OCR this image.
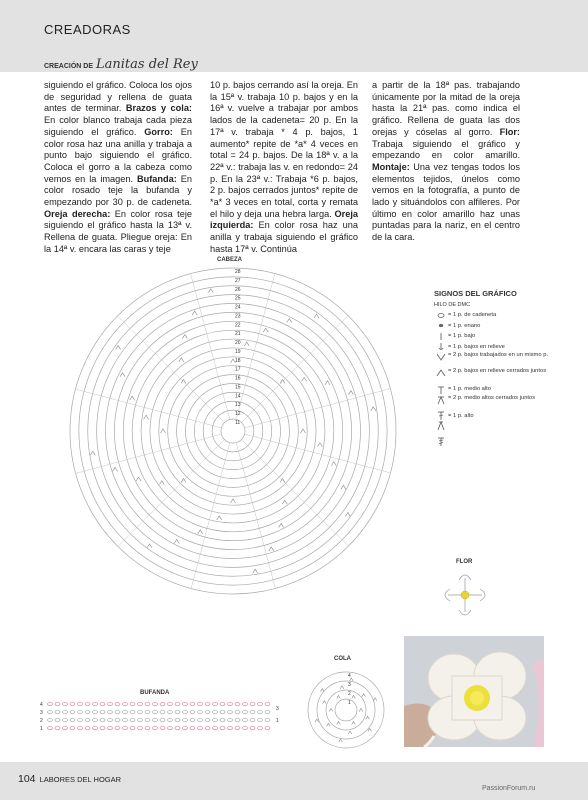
CREADORAS
CREACIÓN DE Lanitas del Rey
siguiendo el gráfico. Coloca los ojos de seguridad y rellena de guata antes de terminar. Brazos y cola: En color blanco trabaja cada pieza siguiendo el gráfico. Gorro: En color rosa haz una anilla y trabaja a punto bajo siguiendo el gráfico. Coloca el gorro a la cabeza como vemos en la imagen. Bufanda: En color rosado teje la bufanda y empezando por 30 p. de cadeneta. Oreja derecha: En color rosa teje siguiendo el gráfico hasta la 13ª v. Rellena de guata. Pliegue oreja: En la 14ª v. encara las caras y teje
10 p. bajos cerrando así la oreja. En la 15ª v. trabaja 10 p. bajos y en la 16ª v. vuelve a trabajar por ambos lados de la cadeneta= 20 p. En la 17ª v. trabaja * 4 p. bajos, 1 aumento* repite de *a* 4 veces en total = 24 p. bajos. De la 18ª v. a la 22ª v.: trabaja las v. en redondo= 24 p. En la 23ª v.: Trabaja *6 p. bajos, 2 p. bajos cerrados juntos* repite de *a* 3 veces en total, corta y remata el hilo y deja una hebra larga. Oreja izquierda: En color rosa haz una anilla y trabaja siguiendo el gráfico hasta 17ª v. Continúa
a partir de la 18ª pas. trabajando únicamente por la mitad de la oreja hasta la 21ª pas. como indica el gráfico. Rellena de guata las dos orejas y cóselas al gorro. Flor: Trabaja siguiendo el gráfico y empezando en color amarillo. Montaje: Una vez tengas todos los elementos tejidos, únelos como vemos en la fotografía, a punto de lado y situándolos con alfileres. Por último en color amarillo haz unas puntadas para la nariz, en el centro de la cara.
CABEZA
28
27
26
25
24
23
22
21
20
19
18
17
16
15
14
13
12
11
SIGNOS DEL GRÁFICO
HILO DE DMC
= 1 p. de cadeneta
= 1 p. enano
= 1 p. bajo
= 1 p. bajos en relieve
= 2 p. bajos trabajados en un mismo p.
= 2 p. bajos en relieve cerrados juntos
= 1 p. medio alto
= 2 p. medio altos cerrados juntos
= 1 p. alto
FLOR
COLA
4
3
2
1
BUFANDA
4
3
2
1
3
1
104 LABORES DEL HOGAR
PassionForum.ru
